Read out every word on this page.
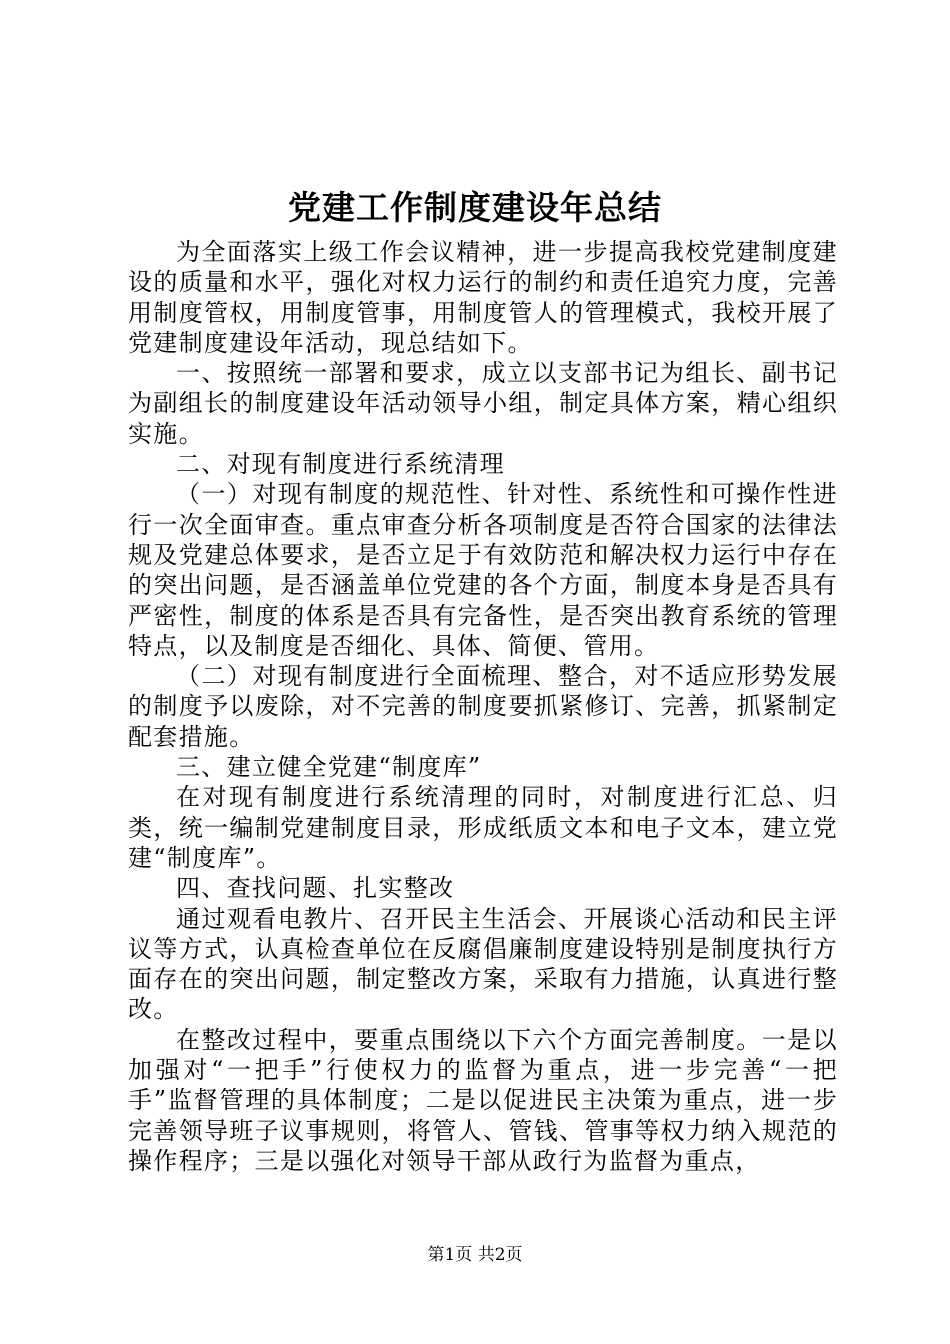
党建工作制度建设年总结

为全面落实上级工作会议精神，进一步提高我校党建制度建设的质量和水平，强化对权力运行的制约和责任追究力度，完善用制度管权，用制度管事，用制度管人的管理模式，我校开展了党建制度建设年活动，现总结如下。

一、按照统一部署和要求，成立以支部书记为组长、副书记为副组长的制度建设年活动领导小组，制定具体方案，精心组织实施。

二、对现有制度进行系统清理

（一）对现有制度的规范性、针对性、系统性和可操作性进行一次全面审查。重点审查分析各项制度是否符合国家的法律法规及党建总体要求，是否立足于有效防范和解决权力运行中存在的突出问题，是否涵盖单位党建的各个方面，制度本身是否具有严密性，制度的体系是否具有完备性，是否突出教育系统的管理特点，以及制度是否细化、具体、简便、管用。

（二）对现有制度进行全面梳理、整合，对不适应形势发展的制度予以废除，对不完善的制度要抓紧修订、完善，抓紧制定配套措施。

三、建立健全党建“制度库”

在对现有制度进行系统清理的同时，对制度进行汇总、归类，统一编制党建制度目录，形成纸质文本和电子文本，建立党建“制度库”。

四、查找问题、扎实整改

通过观看电教片、召开民主生活会、开展谈心活动和民主评议等方式，认真检查单位在反腐倡廉制度建设特别是制度执行方面存在的突出问题，制定整改方案，采取有力措施，认真进行整改。

在整改过程中，要重点围绕以下六个方面完善制度。一是以加强对“一把手”行使权力的监督为重点，进一步完善“一把手”监督管理的具体制度；二是以促进民主决策为重点，进一步完善领导班子议事规则，将管人、管钱、管事等权力纳入规范的操作程序；三是以强化对领导干部从政行为监督为重点，

第1页 共2页
